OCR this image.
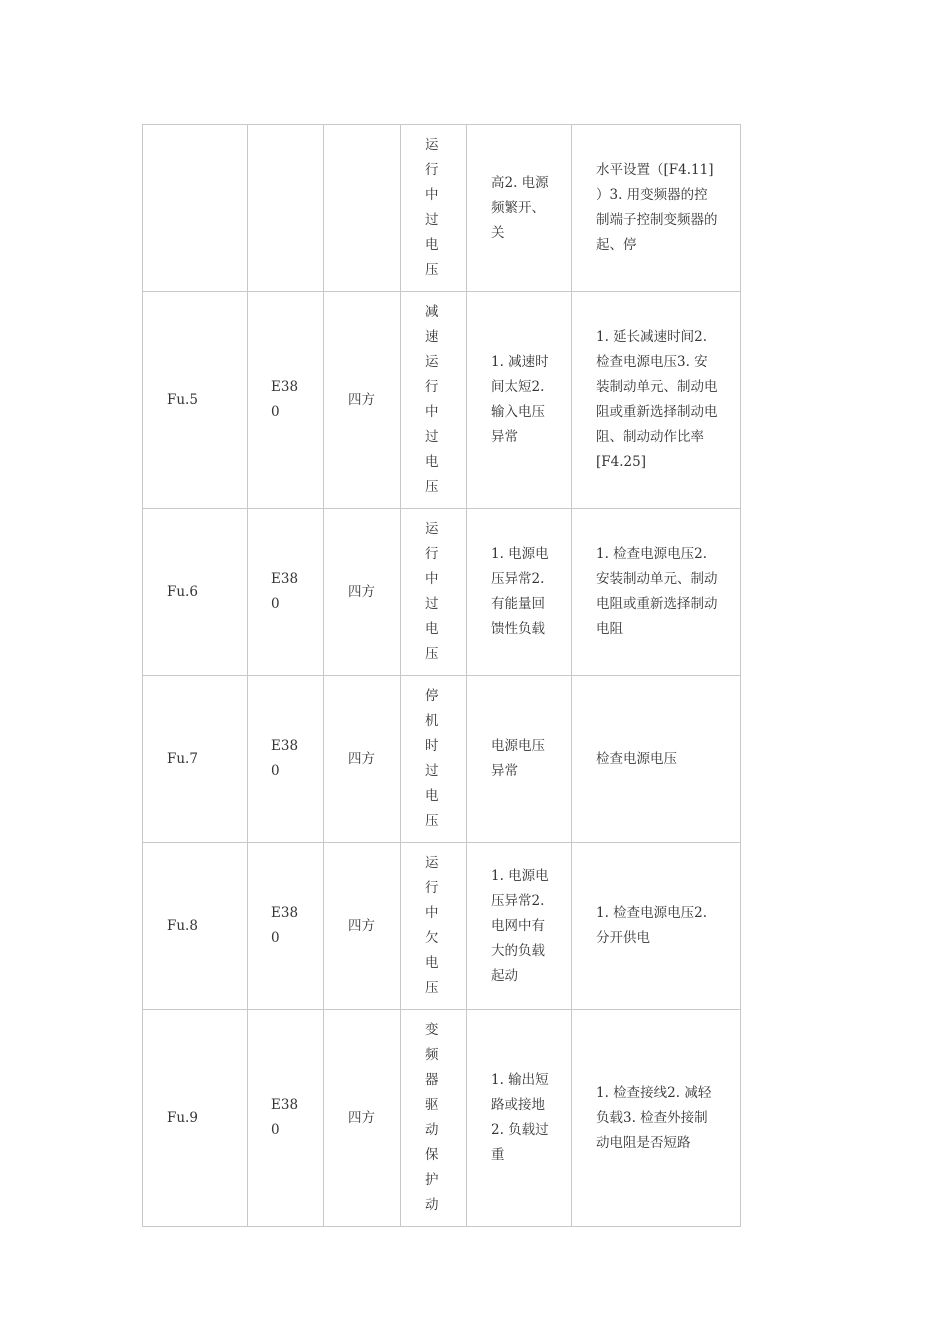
			运行中过电压	高2. 电源频繁开、关	水平设置（[F4.11] ）3. 用变频器的控制端子控制变频器的起、停

Fu.5	E380	四方	减速运行中过电压	1. 减速时间太短2. 输入电压异常	1. 延长减速时间2. 检查电源电压3. 安装制动单元、制动电阻或重新选择制动电阻、制动动作比率 [F4.25]

Fu.6	E380	四方	运行中过电压	1. 电源电压异常2. 有能量回馈性负载	1. 检查电源电压2. 安装制动单元、制动电阻或重新选择制动电阻

Fu.7	E380	四方	停机时过电压	电源电压异常	检查电源电压

Fu.8	E380	四方	运行中欠电压	1. 电源电压异常2. 电网中有大的负载起动	1. 检查电源电压2. 分开供电

Fu.9	E380	四方	变频器驱动保护动	1. 输出短路或接地2. 负载过重	1. 检查接线2. 减轻负载3. 检查外接制动电阻是否短路
